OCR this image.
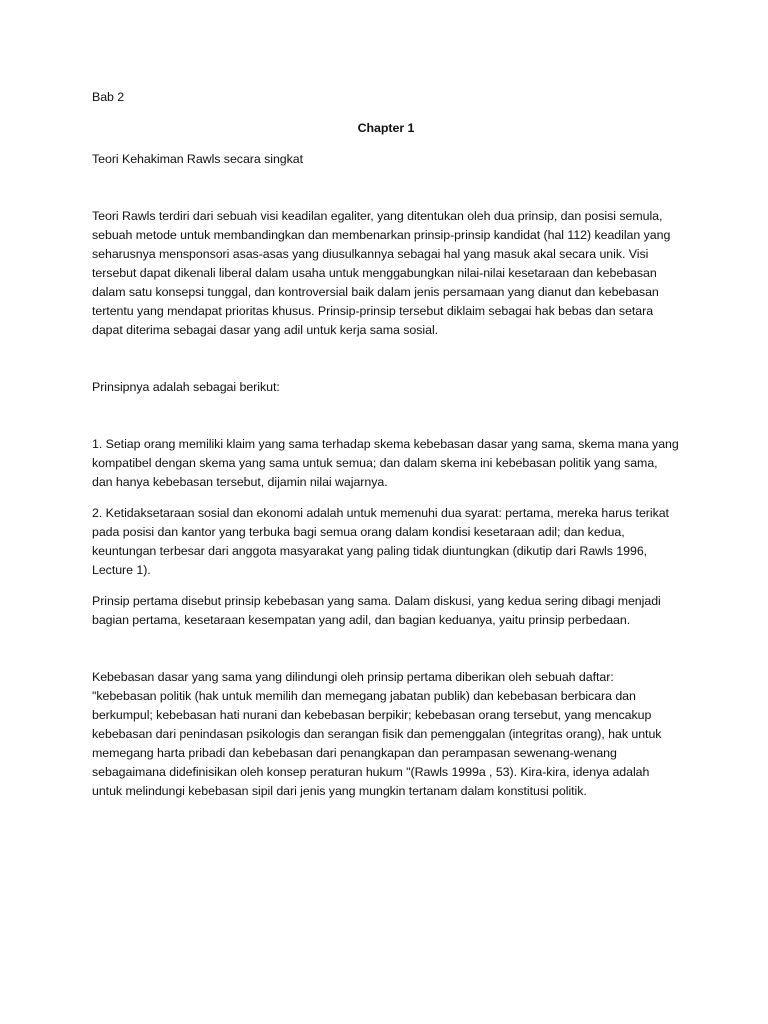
Bab 2

Chapter 1

Teori Kehakiman Rawls secara singkat

Teori Rawls terdiri dari sebuah visi keadilan egaliter, yang ditentukan oleh dua prinsip, dan posisi semula, sebuah metode untuk membandingkan dan membenarkan prinsip-prinsip kandidat (hal 112) keadilan yang seharusnya mensponsori asas-asas yang diusulkannya sebagai hal yang masuk akal secara unik. Visi tersebut dapat dikenali liberal dalam usaha untuk menggabungkan nilai-nilai kesetaraan dan kebebasan dalam satu konsepsi tunggal, dan kontroversial baik dalam jenis persamaan yang dianut dan kebebasan tertentu yang mendapat prioritas khusus. Prinsip-prinsip tersebut diklaim sebagai hak bebas dan setara dapat diterima sebagai dasar yang adil untuk kerja sama sosial.

Prinsipnya adalah sebagai berikut:

1. Setiap orang memiliki klaim yang sama terhadap skema kebebasan dasar yang sama, skema mana yang kompatibel dengan skema yang sama untuk semua; dan dalam skema ini kebebasan politik yang sama, dan hanya kebebasan tersebut, dijamin nilai wajarnya.

2. Ketidaksetaraan sosial dan ekonomi adalah untuk memenuhi dua syarat: pertama, mereka harus terikat pada posisi dan kantor yang terbuka bagi semua orang dalam kondisi kesetaraan adil; dan kedua, keuntungan terbesar dari anggota masyarakat yang paling tidak diuntungkan (dikutip dari Rawls 1996, Lecture 1).

Prinsip pertama disebut prinsip kebebasan yang sama. Dalam diskusi, yang kedua sering dibagi menjadi bagian pertama, kesetaraan kesempatan yang adil, dan bagian keduanya, yaitu prinsip perbedaan.

Kebebasan dasar yang sama yang dilindungi oleh prinsip pertama diberikan oleh sebuah daftar: "kebebasan politik (hak untuk memilih dan memegang jabatan publik) dan kebebasan berbicara dan berkumpul; kebebasan hati nurani dan kebebasan berpikir; kebebasan orang tersebut, yang mencakup kebebasan dari penindasan psikologis dan serangan fisik dan pemenggalan (integritas orang), hak untuk memegang harta pribadi dan kebebasan dari penangkapan dan perampasan sewenang-wenang sebagaimana didefinisikan oleh konsep peraturan hukum "(Rawls 1999a , 53). Kira-kira, idenya adalah untuk melindungi kebebasan sipil dari jenis yang mungkin tertanam dalam konstitusi politik.
